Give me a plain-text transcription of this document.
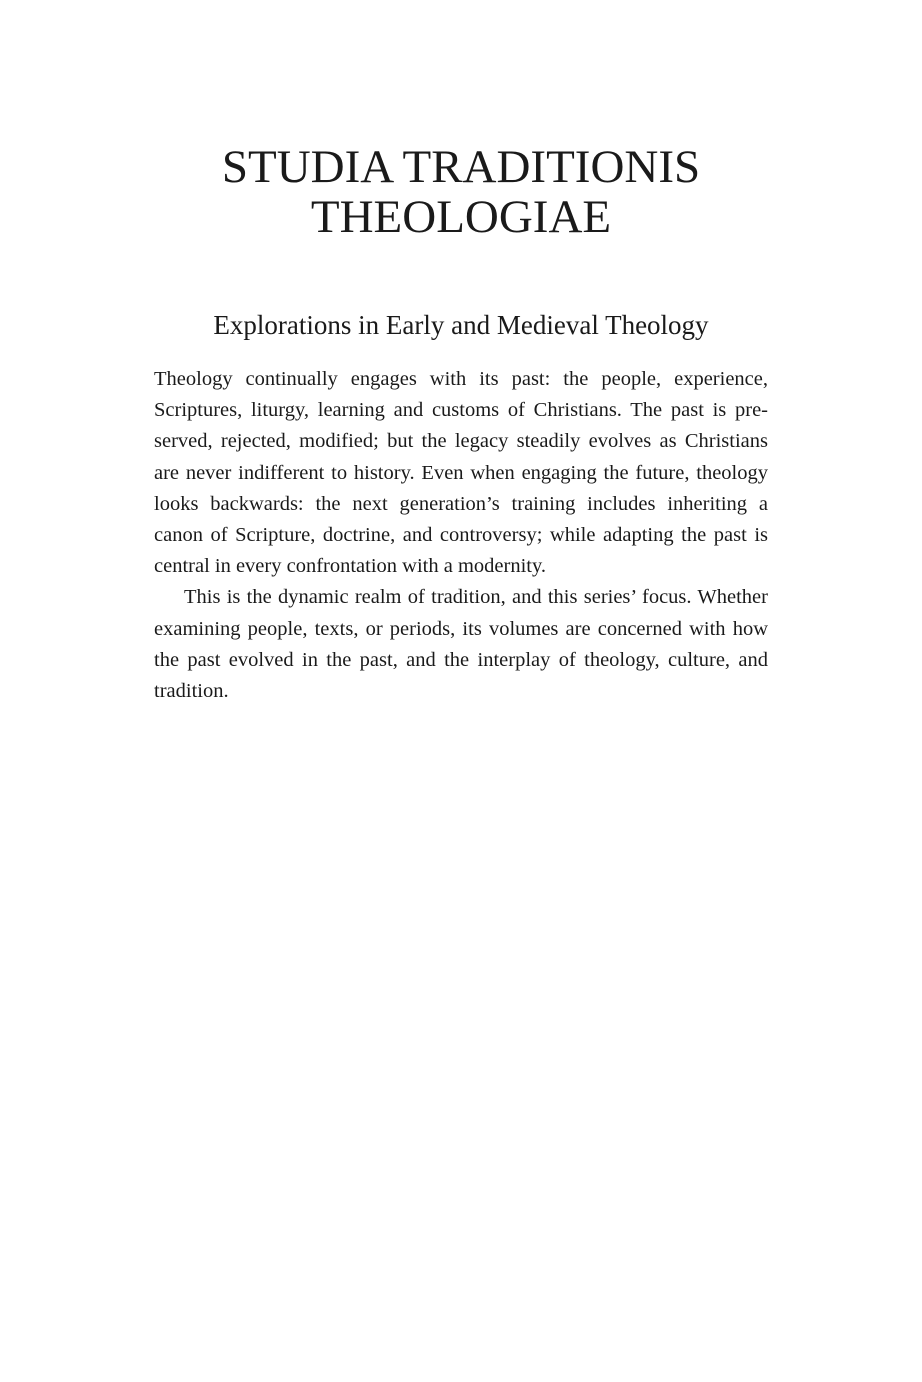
STUDIA TRADITIONIS
THEOLOGIAE
Explorations in Early and Medieval Theology

Theology continually engages with its past: the people, experience, Scriptures, liturgy, learning and customs of Christians. The past is preserved, rejected, modified; but the legacy steadily evolves as Christians are never indifferent to history. Even when engaging the future, theology looks backwards: the next generation’s training includes inheriting a canon of Scripture, doctrine, and controversy; while adapting the past is central in every confrontation with a modernity.

This is the dynamic realm of tradition, and this series’ focus. Whether examining people, texts, or periods, its volumes are concerned with how the past evolved in the past, and the interplay of theology, culture, and tradition.
